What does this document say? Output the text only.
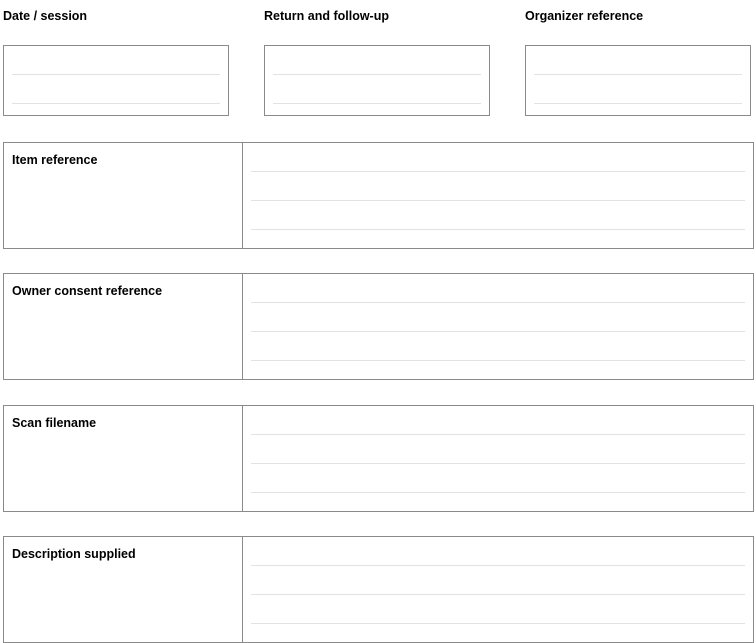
Date / session	Return and follow-up	Organizer reference
Item reference
Owner consent reference
Scan filename
Description supplied
